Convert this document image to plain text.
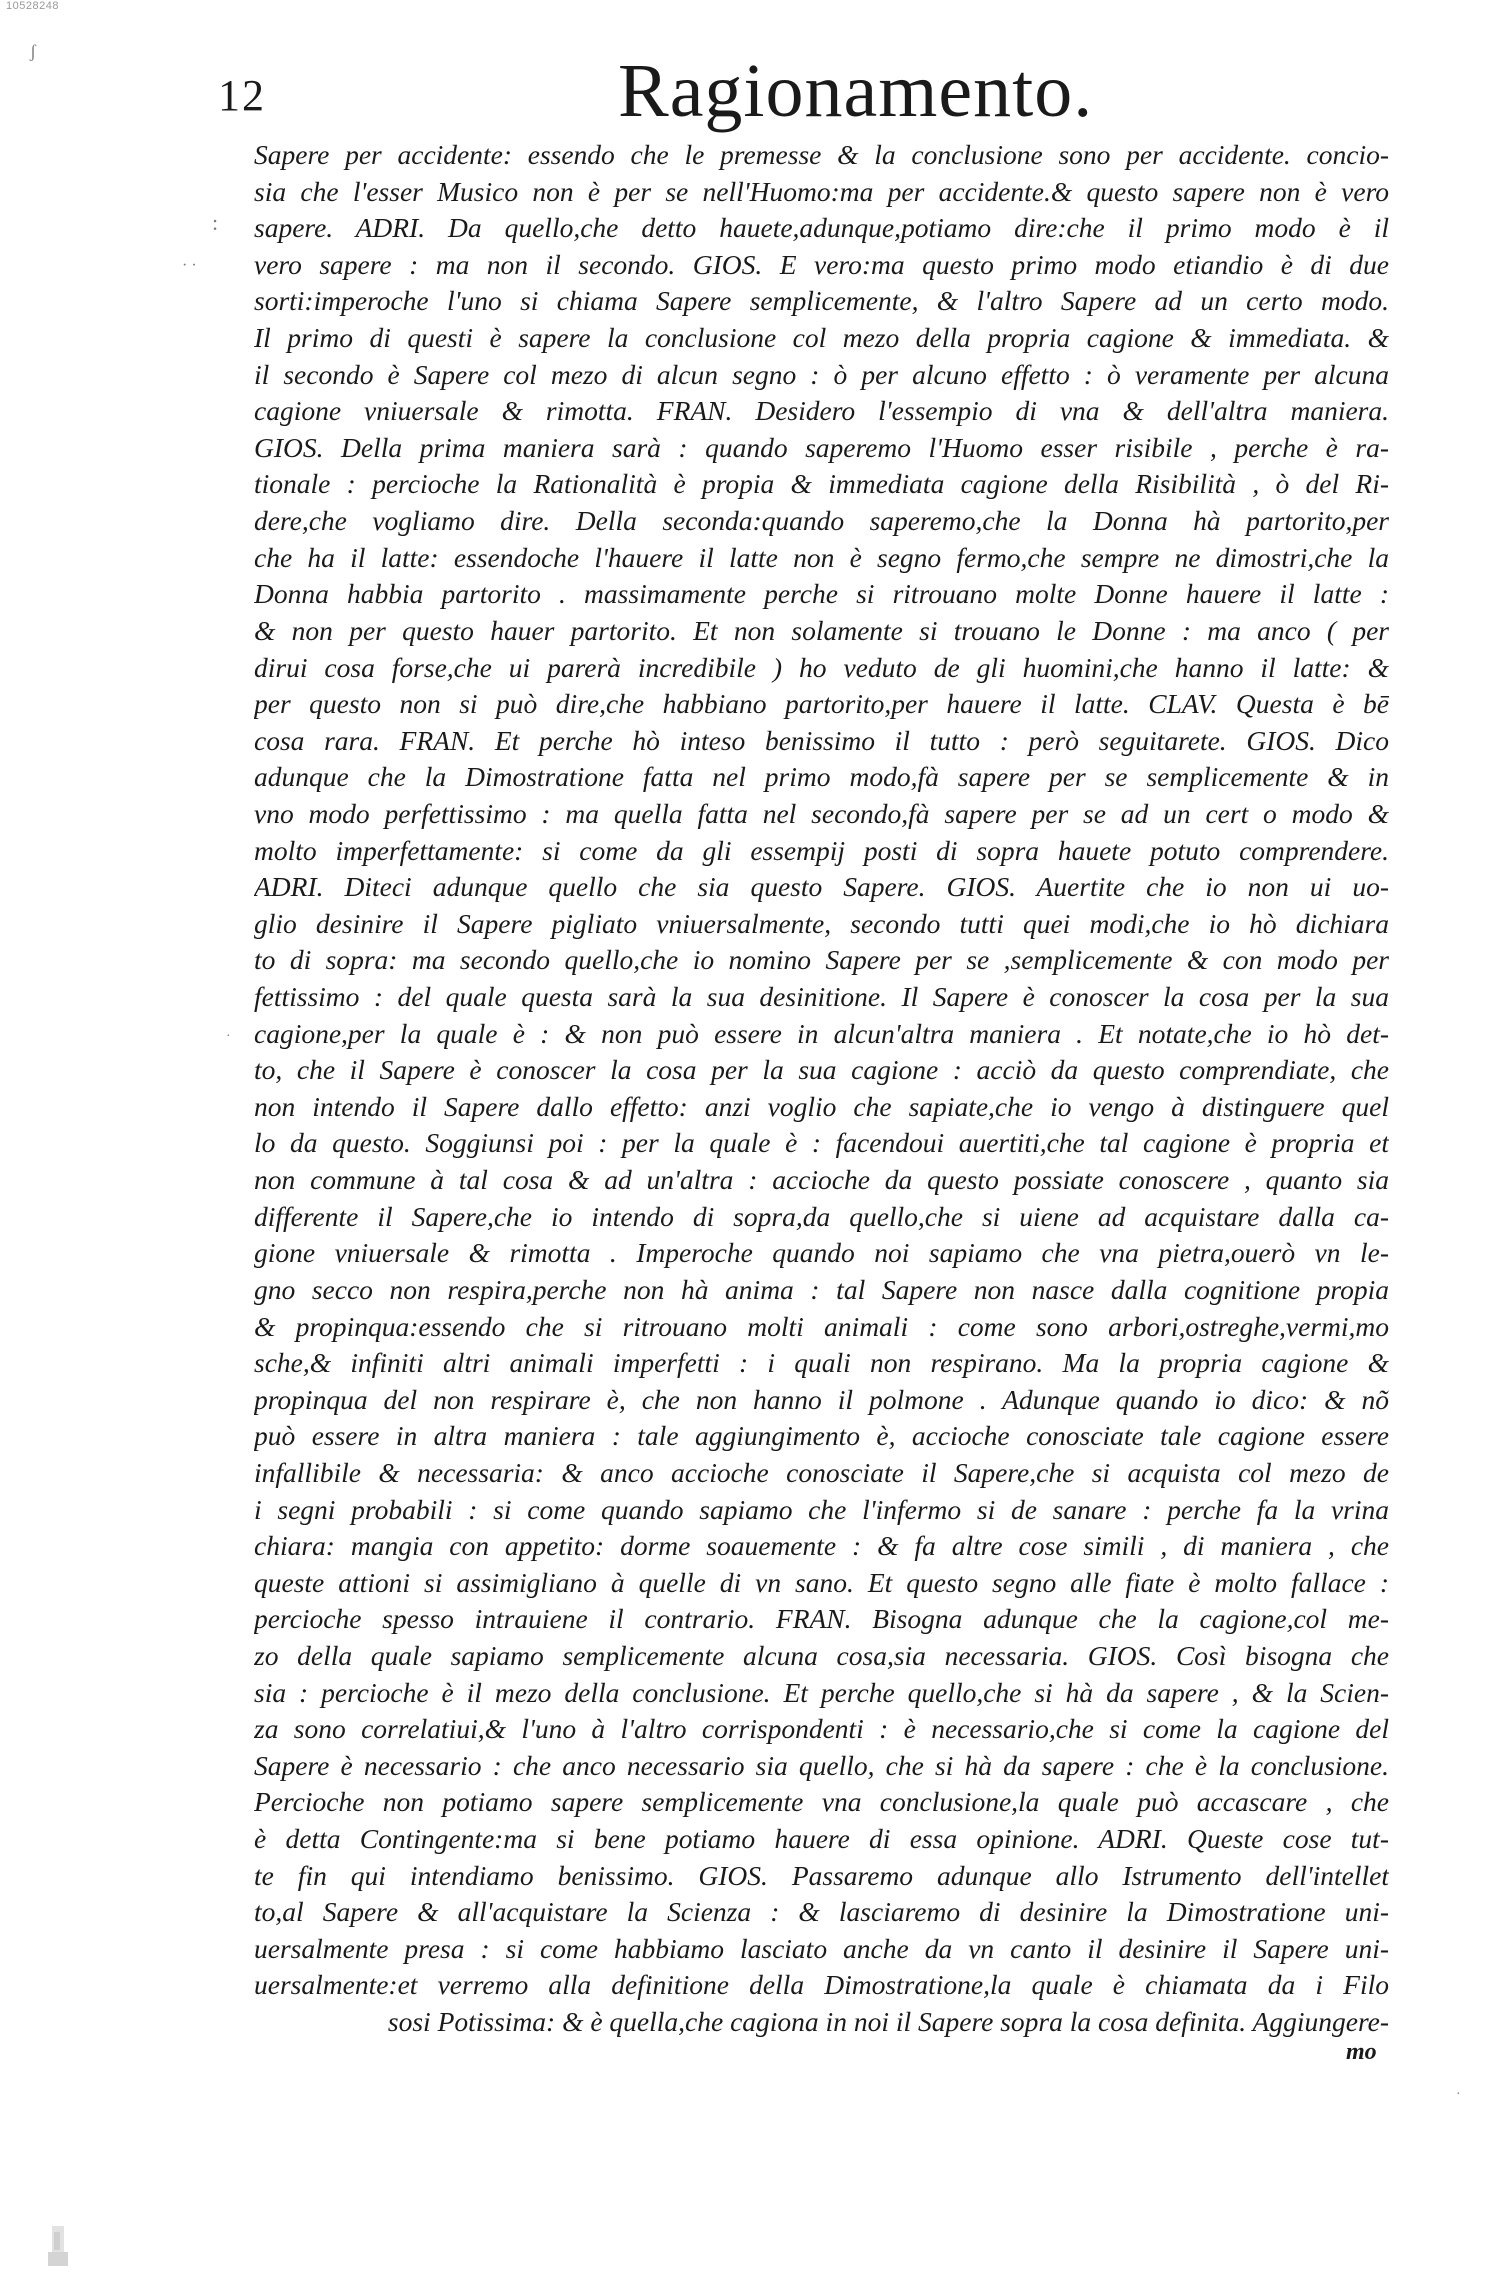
10528248
ʃ
:
· ·
·
·
12	Ragionamento.
Sapere per accidente: essendo che le premesse & la conclusione sono per accidente. concio-
sia che l'esser Musico non è per se nell'Huomo:ma per accidente.& questo sapere non è vero
sapere. ADRI. Da quello,che detto hauete,adunque,potiamo dire:che il primo modo è il
vero sapere : ma non il secondo. GIOS. E vero:ma questo primo modo etiandio è di due
sorti:imperoche l'uno si chiama Sapere semplicemente, & l'altro Sapere ad un certo modo.
Il primo di questi è sapere la conclusione col mezo della propria cagione & immediata. &
il secondo è Sapere col mezo di alcun segno : ò per alcuno effetto : ò veramente per alcuna
cagione vniuersale & rimotta. FRAN. Desidero l'essempio di vna & dell'altra maniera.
GIOS. Della prima maniera sarà : quando saperemo l'Huomo esser risibile , perche è ra-
tionale : percioche la Rationalità è propia & immediata cagione della Risibilità , ò del Ri-
dere,che vogliamo dire. Della seconda:quando saperemo,che la Donna hà partorito,per
che ha il latte: essendoche l'hauere il latte non è segno fermo,che sempre ne dimostri,che la
Donna habbia partorito . massimamente perche si ritrouano molte Donne hauere il latte :
& non per questo hauer partorito. Et non solamente si trouano le Donne : ma anco ( per
dirui cosa forse,che ui parerà incredibile ) ho veduto de gli huomini,che hanno il latte: &
per questo non si può dire,che habbiano partorito,per hauere il latte. CLAV. Questa è bē
cosa rara. FRAN. Et perche hò inteso benissimo il tutto : però seguitarete. GIOS. Dico
adunque che la Dimostratione fatta nel primo modo,fà sapere per se semplicemente & in
vno modo perfettissimo : ma quella fatta nel secondo,fà sapere per se ad un cert o modo &
molto imperfettamente: si come da gli essempij posti di sopra hauete potuto comprendere.
ADRI. Diteci adunque quello che sia questo Sapere. GIOS. Auertite che io non ui uo-
glio desinire il Sapere pigliato vniuersalmente, secondo tutti quei modi,che io hò dichiara
to di sopra: ma secondo quello,che io nomino Sapere per se ,semplicemente & con modo per
fettissimo : del quale questa sarà la sua desinitione. Il Sapere è conoscer la cosa per la sua
cagione,per la quale è : & non può essere in alcun'altra maniera . Et notate,che io hò det-
to, che il Sapere è conoscer la cosa per la sua cagione : acciò da questo comprendiate, che
non intendo il Sapere dallo effetto: anzi voglio che sapiate,che io vengo à distinguere quel
lo da questo. Soggiunsi poi : per la quale è : facendoui auertiti,che tal cagione è propria et
non commune à tal cosa & ad un'altra : accioche da questo possiate conoscere , quanto sia
differente il Sapere,che io intendo di sopra,da quello,che si uiene ad acquistare dalla ca-
gione vniuersale & rimotta . Imperoche quando noi sapiamo che vna pietra,ouerò vn le-
gno secco non respira,perche non hà anima : tal Sapere non nasce dalla cognitione propia
& propinqua:essendo che si ritrouano molti animali : come sono arbori,ostreghe,vermi,mo
sche,& infiniti altri animali imperfetti : i quali non respirano. Ma la propria cagione &
propinqua del non respirare è, che non hanno il polmone . Adunque quando io dico: & nõ
può essere in altra maniera : tale aggiungimento è, accioche conosciate tale cagione essere
infallibile & necessaria: & anco accioche conosciate il Sapere,che si acquista col mezo de
i segni probabili : si come quando sapiamo che l'infermo si de sanare : perche fa la vrina
chiara: mangia con appetito: dorme soauemente : & fa altre cose simili , di maniera , che
queste attioni si assimigliano à quelle di vn sano. Et questo segno alle fiate è molto fallace :
percioche spesso intrauiene il contrario. FRAN. Bisogna adunque che la cagione,col me-
zo della quale sapiamo semplicemente alcuna cosa,sia necessaria. GIOS. Così bisogna che
sia : percioche è il mezo della conclusione. Et perche quello,che si hà da sapere , & la Scien-
za sono correlatiui,& l'uno à l'altro corrispondenti : è necessario,che si come la cagione del
Sapere è necessario : che anco necessario sia quello, che si hà da sapere : che è la conclusione.
Percioche non potiamo sapere semplicemente vna conclusione,la quale può accascare , che
è detta Contingente:ma si bene potiamo hauere di essa opinione. ADRI. Queste cose tut-
te fin qui intendiamo benissimo. GIOS. Passaremo adunque allo Istrumento dell'intellet
to,al Sapere & all'acquistare la Scienza : & lasciaremo di desinire la Dimostratione uni-
uersalmente presa : si come habbiamo lasciato anche da vn canto il desinire il Sapere uni-
uersalmente:et verremo alla definitione della Dimostratione,la quale è chiamata da i Filo
sosi Potissima: & è quella,che cagiona in noi il Sapere sopra la cosa definita. Aggiungere-
mo
